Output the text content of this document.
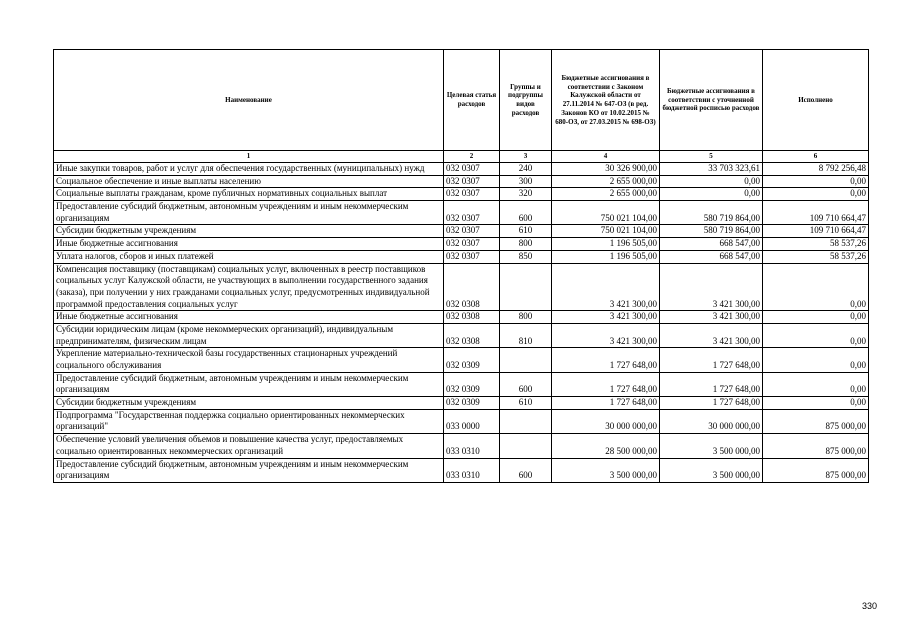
Наименование	Целевая статья расходов	Группы и подгруппы видов расходов	Бюджетные ассигнования в соответствии с Законом Калужской области от 27.11.2014 № 647-ОЗ (в ред. Законов КО от 10.02.2015 № 680-ОЗ, от 27.03.2015 № 698-ОЗ)	Бюджетные ассигнования в соответствии с уточненной бюджетной росписью расходов	Исполнено
1	2	3	4	5	6
Иные закупки товаров, работ и услуг для обеспечения государственных (муниципальных) нужд	032 0307	240	30 326 900,00	33 703 323,61	8 792 256,48
Социальное обеспечение и иные выплаты населению	032 0307	300	2 655 000,00	0,00	0,00
Социальные выплаты гражданам, кроме публичных нормативных социальных выплат	032 0307	320	2 655 000,00	0,00	0,00
Предоставление субсидий бюджетным, автономным учреждениям и иным некоммерческим организациям	032 0307	600	750 021 104,00	580 719 864,00	109 710 664,47
Субсидии бюджетным учреждениям	032 0307	610	750 021 104,00	580 719 864,00	109 710 664,47
Иные бюджетные ассигнования	032 0307	800	1 196 505,00	668 547,00	58 537,26
Уплата налогов, сборов и иных платежей	032 0307	850	1 196 505,00	668 547,00	58 537,26
Компенсация поставщику (поставщикам) социальных услуг, включенных в реестр поставщиков социальных услуг Калужской области, не участвующих в выполнении государственного задания (заказа), при получении у них гражданами социальных услуг, предусмотренных индивидуальной программой предоставления социальных услуг	032 0308		3 421 300,00	3 421 300,00	0,00
Иные бюджетные ассигнования	032 0308	800	3 421 300,00	3 421 300,00	0,00
Субсидии юридическим лицам (кроме некоммерческих организаций), индивидуальным предпринимателям, физическим лицам	032 0308	810	3 421 300,00	3 421 300,00	0,00
Укрепление материально-технической базы государственных стационарных учреждений социального обслуживания	032 0309		1 727 648,00	1 727 648,00	0,00
Предоставление субсидий бюджетным, автономным учреждениям и иным некоммерческим организациям	032 0309	600	1 727 648,00	1 727 648,00	0,00
Субсидии бюджетным учреждениям	032 0309	610	1 727 648,00	1 727 648,00	0,00
Подпрограмма "Государственная поддержка социально ориентированных некоммерческих организаций"	033 0000		30 000 000,00	30 000 000,00	875 000,00
Обеспечение условий увеличения объемов и повышение качества услуг, предоставляемых социально ориентированных некоммерческих организаций	033 0310		28 500 000,00	3 500 000,00	875 000,00
Предоставление субсидий бюджетным, автономным учреждениям и иным некоммерческим организациям	033 0310	600	3 500 000,00	3 500 000,00	875 000,00
330
